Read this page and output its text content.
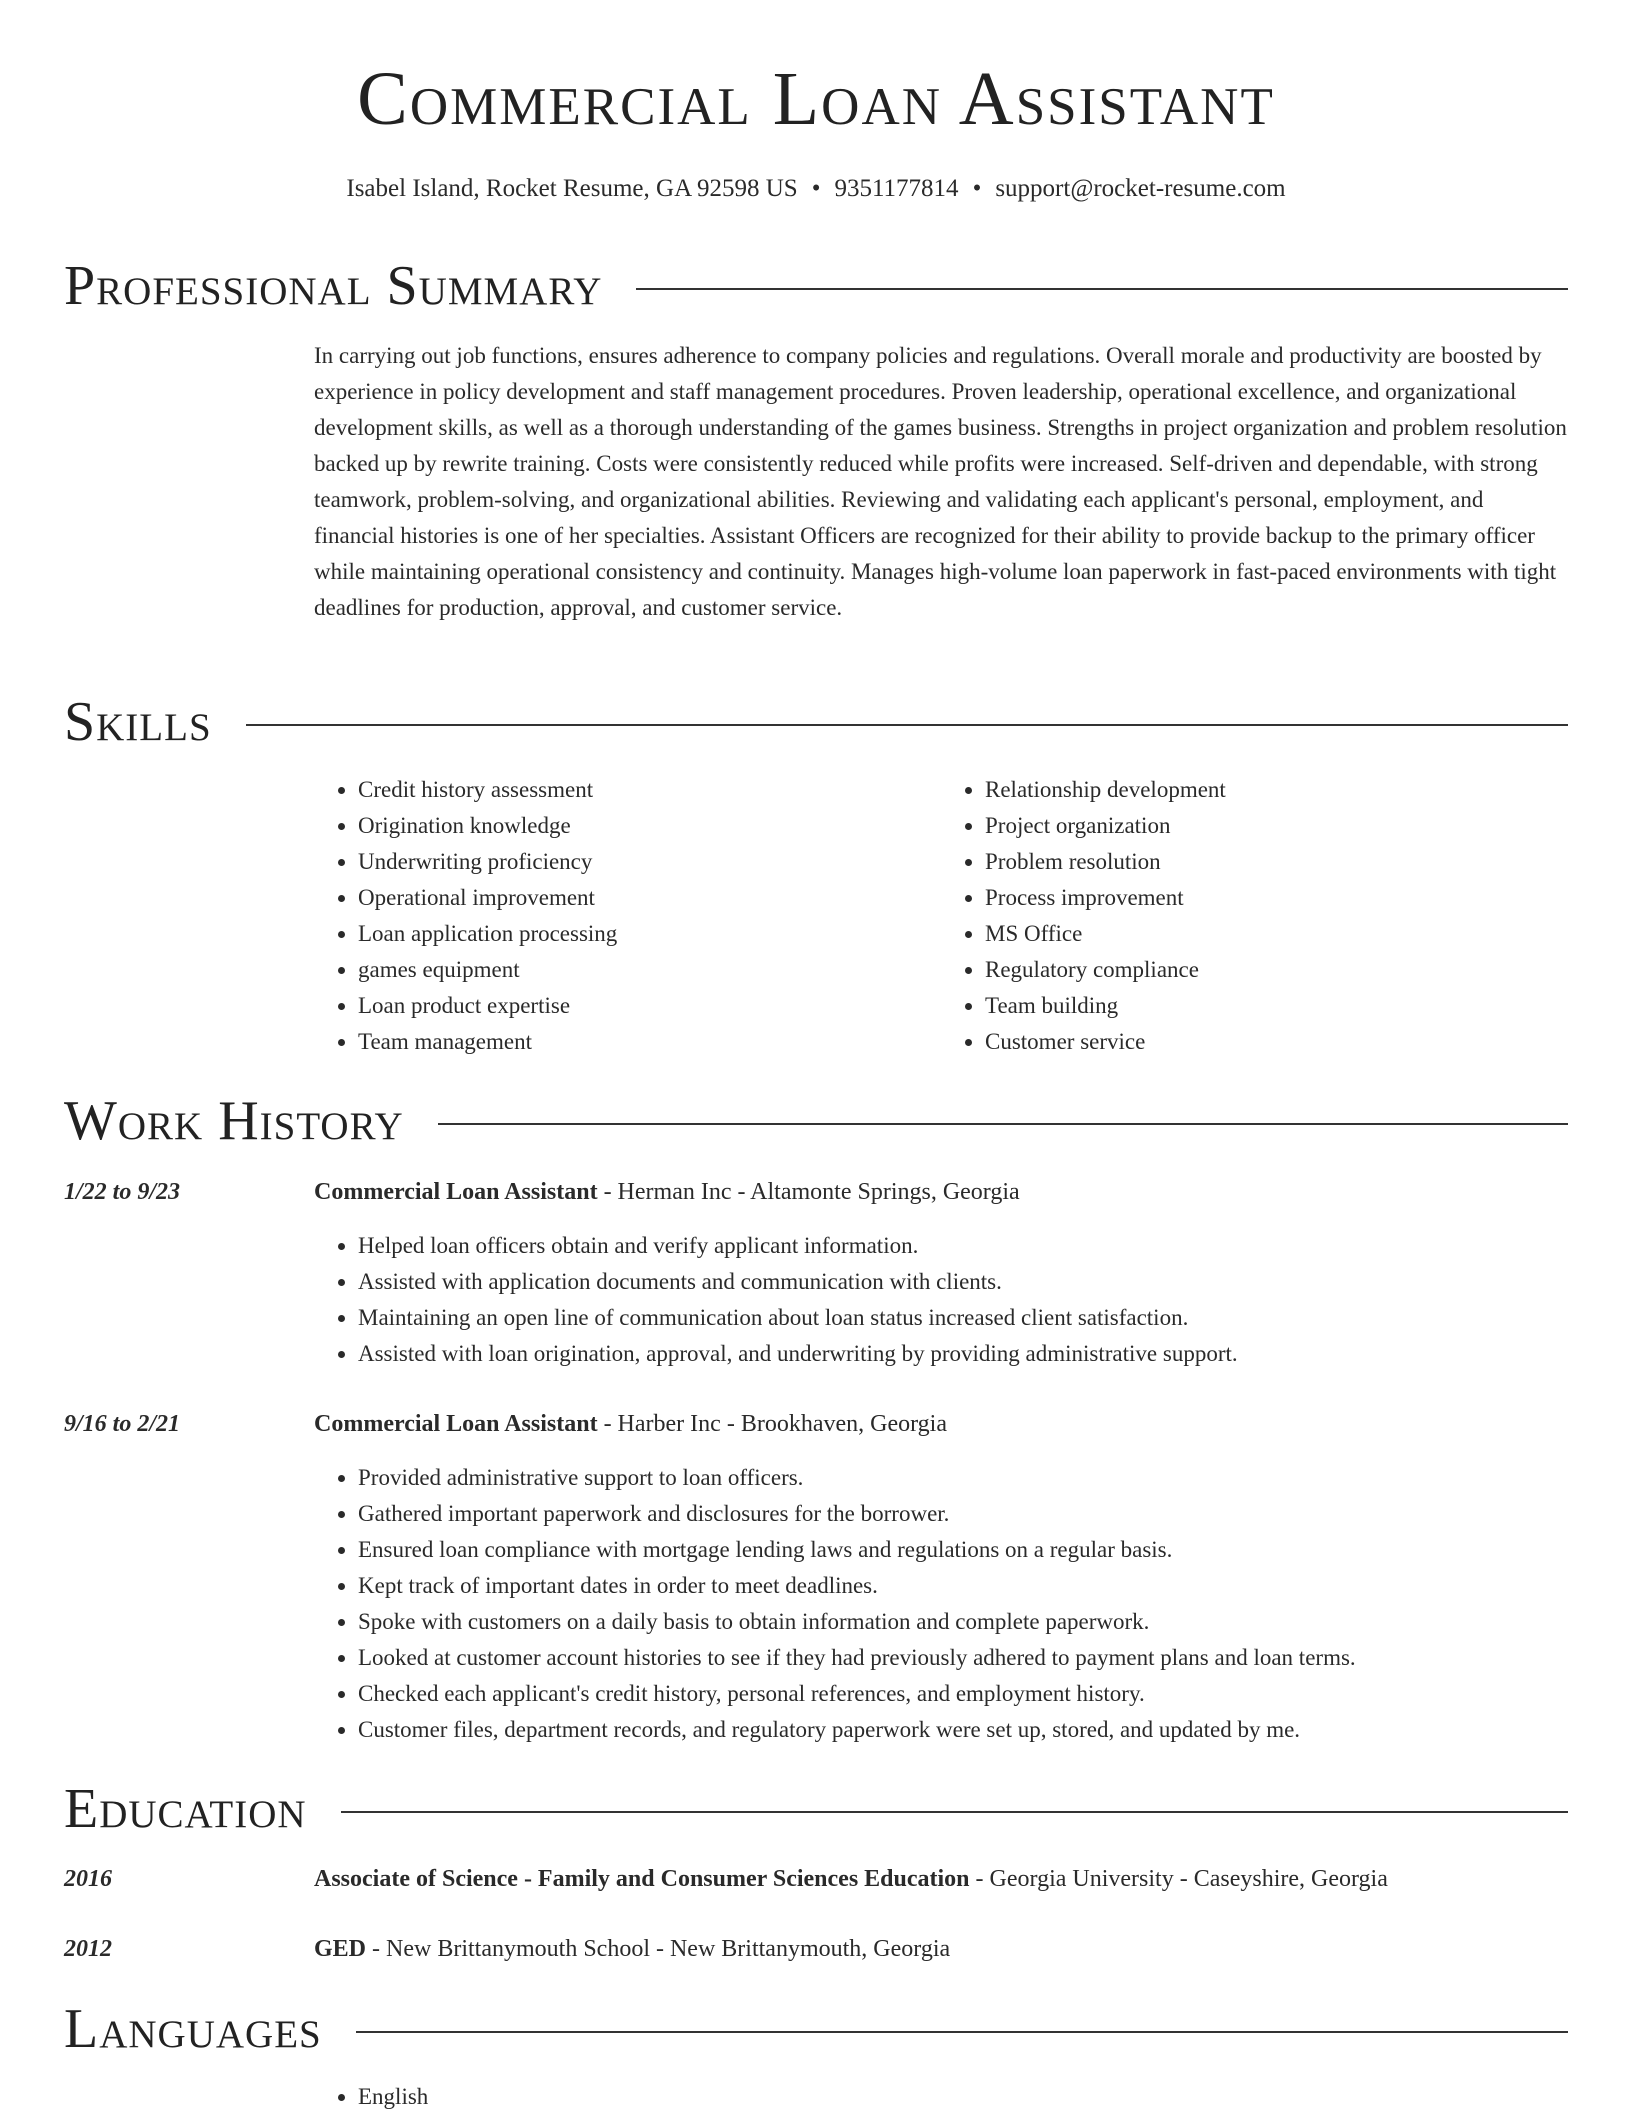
Commercial Loan Assistant
Isabel Island, Rocket Resume, GA 92598 US • 9351177814 • support@rocket-resume.com
Professional Summary

In carrying out job functions, ensures adherence to company policies and regulations. Overall morale and productivity are boosted by experience in policy development and staff management procedures. Proven leadership, operational excellence, and organizational development skills, as well as a thorough understanding of the games business. Strengths in project organization and problem resolution backed up by rewrite training. Costs were consistently reduced while profits were increased. Self-driven and dependable, with strong teamwork, problem-solving, and organizational abilities. Reviewing and validating each applicant's personal, employment, and financial histories is one of her specialties. Assistant Officers are recognized for their ability to provide backup to the primary officer while maintaining operational consistency and continuity. Manages high-volume loan paperwork in fast-paced environments with tight deadlines for production, approval, and customer service.

Skills
• Credit history assessment
• Origination knowledge
• Underwriting proficiency
• Operational improvement
• Loan application processing
• games equipment
• Loan product expertise
• Team management
• Relationship development
• Project organization
• Problem resolution
• Process improvement
• MS Office
• Regulatory compliance
• Team building
• Customer service
Work History
1/22 to 9/23	Commercial Loan Assistant - Herman Inc - Altamonte Springs, Georgia
• Helped loan officers obtain and verify applicant information.
• Assisted with application documents and communication with clients.
• Maintaining an open line of communication about loan status increased client satisfaction.
• Assisted with loan origination, approval, and underwriting by providing administrative support.
9/16 to 2/21	Commercial Loan Assistant - Harber Inc - Brookhaven, Georgia
• Provided administrative support to loan officers.
• Gathered important paperwork and disclosures for the borrower.
• Ensured loan compliance with mortgage lending laws and regulations on a regular basis.
• Kept track of important dates in order to meet deadlines.
• Spoke with customers on a daily basis to obtain information and complete paperwork.
• Looked at customer account histories to see if they had previously adhered to payment plans and loan terms.
• Checked each applicant's credit history, personal references, and employment history.
• Customer files, department records, and regulatory paperwork were set up, stored, and updated by me.
Education
2016	Associate of Science - Family and Consumer Sciences Education - Georgia University - Caseyshire, Georgia
2012	GED - New Brittanymouth School - New Brittanymouth, Georgia
Languages
• English
